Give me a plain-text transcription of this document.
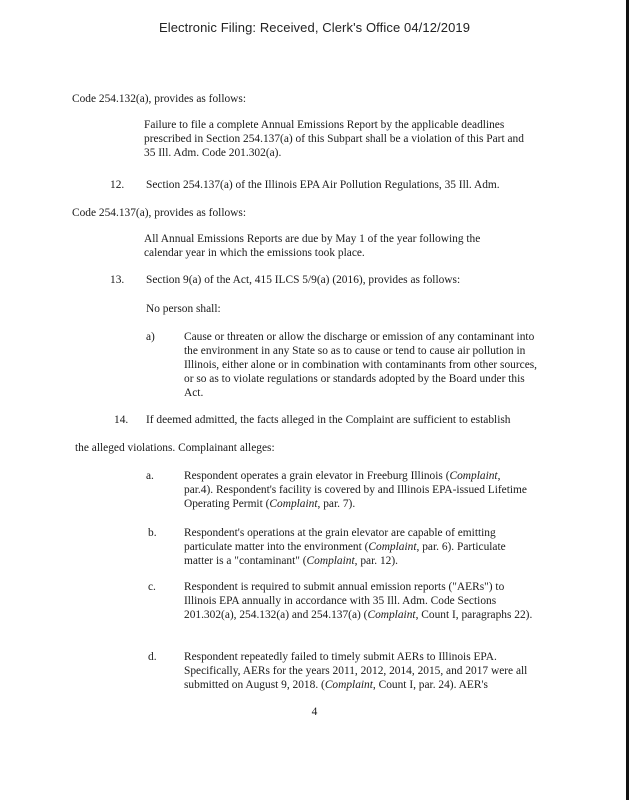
Electronic Filing: Received, Clerk's Office 04/12/2019
Code 254.132(a), provides as follows:
Failure to file a complete Annual Emissions Report by the applicable deadlines prescribed in Section 254.137(a) of this Subpart shall be a violation of this Part and 35 Ill. Adm. Code 201.302(a).
12. Section 254.137(a) of the Illinois EPA Air Pollution Regulations, 35 Ill. Adm.
Code 254.137(a), provides as follows:
All Annual Emissions Reports are due by May 1 of the year following the calendar year in which the emissions took place.
13. Section 9(a) of the Act, 415 ILCS 5/9(a) (2016), provides as follows:
No person shall:
a)	Cause or threaten or allow the discharge or emission of any contaminant into the environment in any State so as to cause or tend to cause air pollution in Illinois, either alone or in combination with contaminants from other sources, or so as to violate regulations or standards adopted by the Board under this Act.
14. If deemed admitted, the facts alleged in the Complaint are sufficient to establish
the alleged violations. Complainant alleges:
a.	Respondent operates a grain elevator in Freeburg Illinois (Complaint, par.4). Respondent's facility is covered by and Illinois EPA-issued Lifetime Operating Permit (Complaint, par. 7).
b. Respondent's operations at the grain elevator are capable of emitting particulate matter into the environment (Complaint, par. 6). Particulate matter is a "contaminant" (Complaint, par. 12).
c. Respondent is required to submit annual emission reports ("AERs") to Illinois EPA annually in accordance with 35 Ill. Adm. Code Sections 201.302(a), 254.132(a) and 254.137(a) (Complaint, Count I, paragraphs 22).
d. Respondent repeatedly failed to timely submit AERs to Illinois EPA. Specifically, AERs for the years 2011, 2012, 2014, 2015, and 2017 were all submitted on August 9, 2018. (Complaint, Count I, par. 24). AER's
4
